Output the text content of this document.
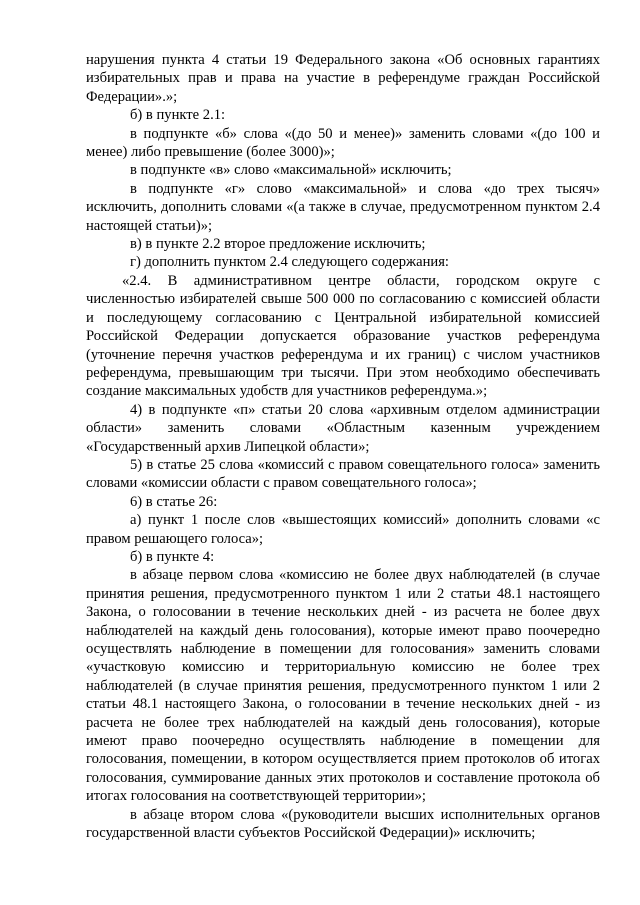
нарушения пункта 4 статьи 19 Федерального закона «Об основных гарантиях избирательных прав и права на участие в референдуме граждан Российской Федерации».»;

б) в пункте 2.1:

в подпункте «б» слова «(до 50 и менее)» заменить словами «(до 100 и менее) либо превышение (более 3000)»;

в подпункте «в» слово «максимальной» исключить;

в подпункте «г» слово «максимальной» и слова «до трех тысяч» исключить, дополнить словами «(а также в случае, предусмотренном пунктом 2.4 настоящей статьи)»;

в) в пункте 2.2 второе предложение исключить;

г) дополнить пунктом 2.4 следующего содержания:

«2.4. В административном центре области, городском округе с численностью избирателей свыше 500 000 по согласованию с комиссией области и последующему согласованию с Центральной избирательной комиссией Российской Федерации допускается образование участков референдума (уточнение перечня участков референдума и их границ) с числом участников референдума, превышающим три тысячи. При этом необходимо обеспечивать создание максимальных удобств для участников референдума.»;

4) в подпункте «п» статьи 20 слова «архивным отделом администрации области» заменить словами «Областным казенным учреждением «Государственный архив Липецкой области»;

5) в статье 25 слова «комиссий с правом совещательного голоса» заменить словами «комиссии области с правом совещательного голоса»;

6) в статье 26:

а) пункт 1 после слов «вышестоящих комиссий» дополнить словами «с правом решающего голоса»;

б) в пункте 4:

в абзаце первом слова «комиссию не более двух наблюдателей (в случае принятия решения, предусмотренного пунктом 1 или 2 статьи 48.1 настоящего Закона, о голосовании в течение нескольких дней - из расчета не более двух наблюдателей на каждый день голосования), которые имеют право поочередно осуществлять наблюдение в помещении для голосования» заменить словами «участковую комиссию и территориальную комиссию не более трех наблюдателей (в случае принятия решения, предусмотренного пунктом 1 или 2 статьи 48.1 настоящего Закона, о голосовании в течение нескольких дней - из расчета не более трех наблюдателей на каждый день голосования), которые имеют право поочередно осуществлять наблюдение в помещении для голосования, помещении, в котором осуществляется прием протоколов об итогах голосования, суммирование данных этих протоколов и составление протокола об итогах голосования на соответствующей территории»;

в абзаце втором слова «(руководители высших исполнительных органов государственной власти субъектов Российской Федерации)» исключить;
